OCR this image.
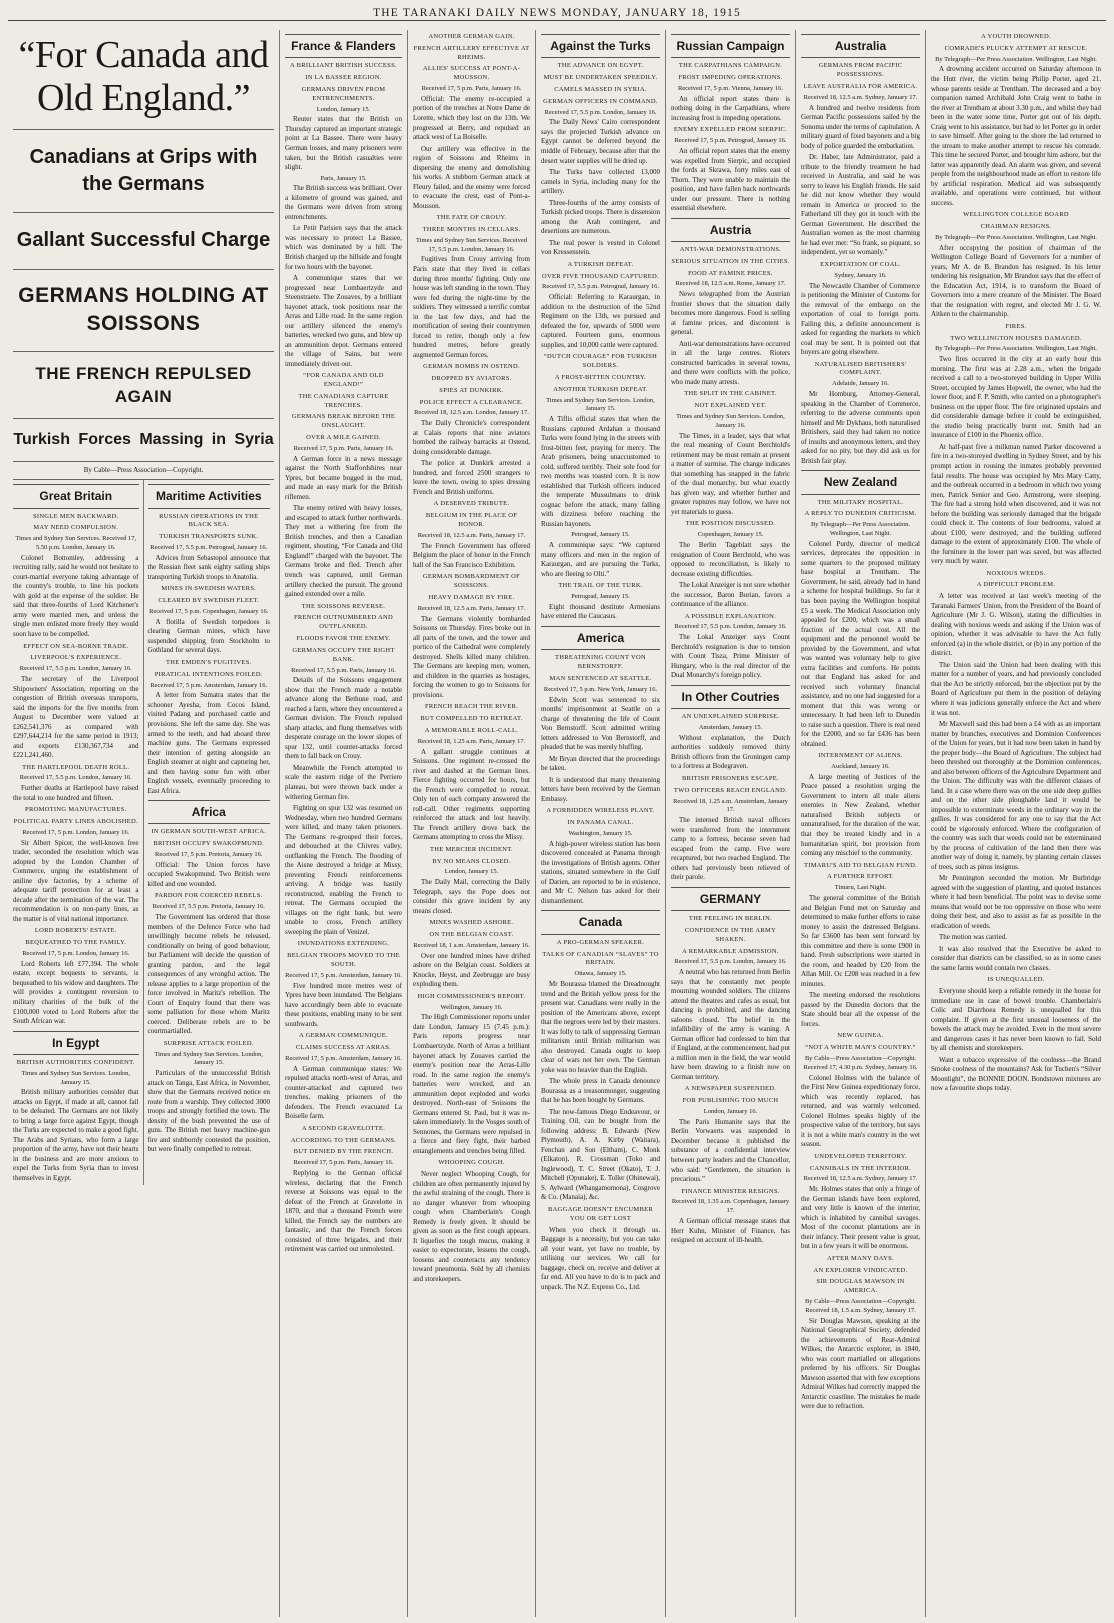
THE TARANAKI DAILY NEWS MONDAY, JANUARY 18, 1915
“For Canada and Old England.”
Canadians at Grips with the Germans
Gallant Successful Charge
GERMANS HOLDING AT SOISSONS
THE FRENCH REPULSED AGAIN
Turkish Forces Massing in Syria
By Cable—Press Association—Copyright.
Great Britain
SINGLE MEN BACKWARD.
MAY NEED COMPULSION.
Times and Sydney Sun Services. Received 17, 5.50 p.m. London, January 16.

Colonel Bottomley, addressing a recruiting rally, said he would not hesitate to court-martial everyone taking advantage of the country's trouble, to line his pockets with gold at the expense of the soldier. He said that three-fourths of Lord Kitchener's army were married men, and unless the single men enlisted more freely they would soon have to be compelled.

EFFECT ON SEA-BORNE TRADE.
LIVERPOOL'S EXPERIENCE.
Received 17, 5.5 p.m. London, January 16.

The secretary of the Liverpool Shipowners' Association, reporting on the congestion of British overseas transports, said the imports for the five months from August to December were valued at £262,541,376 as compared with £297,644,214 for the same period in 1913; and exports £130,367,734 and £221,241,460.

THE HARTLEPOOL DEATH ROLL.
Received 17, 5.5 p.m. London, January 16.

Further deaths at Hartlepool have raised the total to one hundred and fifteen.

PROMOTING MANUFACTURES.
POLITICAL PARTY LINES ABOLISHED.
Received 17, 5 p.m. London, January 16.

Sir Albert Spicer, the well-known free trader, seconded the resolution which was adopted by the London Chamber of Commerce, urging the establishment of aniline dye factories, by a scheme of adequate tariff protection for at least a decade after the termination of the war. The recommendation is on non-party lines, as the matter is of vital national importance.

LORD ROBERTS' ESTATE.
BEQUEATHED TO THE FAMILY.
Received 17, 5 p.m. London, January 16.

Lord Roberts left £77,394. The whole estate, except bequests to servants, is bequeathed to his widow and daughters. The will provides a contingent reversion to military charities of the bulk of the £100,000 voted to Lord Roberts after the South African war.

In Egypt
BRITISH AUTHORITIES CONFIDENT.
Times and Sydney Sun Services. London, January 15.

British military authorities consider that attacks on Egypt, if made at all, cannot fail to be defeated. The Germans are not likely to bring a large force against Egypt, though the Turks are expected to make a good fight. The Arabs and Syrians, who form a large proportion of the army, have not their hearts in the business and are more anxious to expel the Turks from Syria than to invest themselves in Egypt.

Maritime Activities
RUSSIAN OPERATIONS IN THE BLACK SEA.
TURKISH TRANSPORTS SUNK.
Received 17, 5.5 p.m. Petrograd, January 16.

Advices from Sebastopol announce that the Russian fleet sank eighty sailing ships transporting Turkish troops to Anatolia.

MINES IN SWEDISH WATERS.
CLEARED BY SWEDISH FLEET.
Received 17, 5 p.m. Copenhagen, January 16.

A flotilla of Swedish torpedoes is clearing German mines, which have suspended shipping from Stockholm to Gothland for several days.

THE EMDEN'S FUGITIVES.
PIRATICAL INTENTIONS FOILED.
Received 17, 5 p.m. Amsterdam, January 16.

A letter from Sumatra states that the schooner Ayesha, from Cocos Island, visited Padang and purchased cattle and provisions. She left the same day. She was armed to the teeth, and had aboard three machine guns. The Germans expressed their intention of getting alongside an English steamer at night and capturing her, and then having some fun with other English vessels, eventually proceeding to East Africa.

Africa
IN GERMAN SOUTH-WEST AFRICA.
BRITISH OCCUPY SWAKOPMUND.
Received 17, 5 p.m. Pretoria, January 16.

Official: The Union forces have occupied Swakopmund. Two British were killed and one wounded.

PARDON FOR COERCED REBELS.
Received 17, 5.5 p.m. Pretoria, January 16.

The Government has ordered that those members of the Defence Force who had unwillingly become rebels be released, conditionally on being of good behaviour, but Parliament will decide the question of granting pardon, and the legal consequences of any wrongful action. The release applies to a large proportion of the force involved in Maritz's rebellion. The Court of Enquiry found that there was some palliation for those whom Maritz coerced. Deliberate rebels are to be courtmartialled.

SURPRISE ATTACK FOILED.
Times and Sydney Sun Services. London, January 15.

Particulars of the unsuccessful British attack on Tanga, East Africa, in November, show that the Germans received notice en route from a warship. They collected 3000 troops and strongly fortified the town. The density of the bush prevented the use of guns. The British met heavy machine-gun fire and stubbornly contested the position, but were finally compelled to retreat.

France & Flanders
A BRILLIANT BRITISH SUCCESS.
IN LA BASSEE REGION.
GERMANS DRIVEN FROM ENTRENCHMENTS.
London, January 15.

Reuter states that the British on Thursday captured an important strategic point at La Bassee. There were heavy German losses, and many prisoners were taken, but the British casualties were slight.

Paris, January 15.

The British success was brilliant. Over a kilometre of ground was gained, and the Germans were driven from strong entrenchments.

Le Petit Parisien says that the attack was necessary to protect La Bassee, which was dominated by a hill. The British charged up the hillside and fought for two hours with the bayonet.

A communique states that we progressed near Lombaertzyde and Steenstraete. The Zouaves, by a brilliant bayonet attack, took positions near the Arras and Lille road. In the same region our artillery silenced the enemy's batteries, wrecked two guns, and blew up an ammunition depot. Germans entered the village of Sains, but were immediately driven out.

“FOR CANADA AND OLD ENGLAND!”
THE CANADIANS CAPTURE TRENCHES.
GERMANS BREAK BEFORE THE ONSLAUGHT.
OVER A MILE GAINED.
Received 17, 5 p.m. Paris, January 16.

A German force in a news message against the North Staffordshires near Ypres, but became bogged in the mud, and made an easy mark for the British riflemen.

The enemy retired with heavy losses, and escaped to attack further northwards. They met a withering fire from the British trenches, and then a Canadian regiment, shouting, “For Canada and Old England!” charged with the bayonet. The Germans broke and fled. Trench after trench was captured, until German artillery checked the pursuit. The ground gained extended over a mile.

THE SOISSONS REVERSE.
FRENCH OUTNUMBERED AND OUTFLANKED.
FLOODS FAVOR THE ENEMY.
GERMANS OCCUPY THE RIGHT BANK.
Received 17, 5.5 p.m. Paris, January 16.

Details of the Soissons engagement show that the French made a notable advance along the Bethune road, and reached a farm, where they encountered a German division. The French repulsed sharp attacks, and flung themselves with desperate courage on the lower slopes of spur 132, until counter-attacks forced them to fall back on Crouy.

Meanwhile the French attempted to scale the eastern ridge of the Perriere plateau, but were thrown back under a withering German fire.

Fighting on spur 132 was resumed on Wednesday, when two hundred Germans were killed, and many taken prisoners. The Germans re-grouped their forces, and debouched at the Chivres valley, outflanking the French. The flooding of the Aisne destroyed a bridge at Missy, preventing French reinforcements arriving. A bridge was hastily reconstructed, enabling the French to retreat. The Germans occupied the villages on the right bank, but were unable to cross, French artillery sweeping the plain of Venizel.

INUNDATIONS EXTENDING.
BELGIAN TROOPS MOVED TO THE SOUTH.
Received 17, 5 p.m. Amsterdam, January 16.

Five hundred more metres west of Ypres have been inundated. The Belgians have accordingly been able to evacuate these positions, enabling many to be sent southwards.

A GERMAN COMMUNIQUE.
CLAIMS SUCCESS AT ARRAS.
Received 17, 5 p.m. Amsterdam, January 16.

A German communique states: We repulsed attacks north-west of Arras, and counter-attacked and captured two trenches, making prisoners of the defenders. The French evacuated La Boiselle farm.

A SECOND GRAVELOTTE.
ACCORDING TO THE GERMANS.
BUT DENIED BY THE FRENCH.
Received 17, 5 p.m. Paris, January 16.

Replying to the German official wireless, declaring that the French reverse at Soissons was equal to the defeat of the French at Gravelotte in 1870, and that a thousand French were killed, the French say the numbers are fantastic, and that the French forces consisted of three brigades, and their retirement was carried out unmolested.

ANOTHER GERMAN GAIN.
FRENCH ARTILLERY EFFECTIVE AT RHEIMS.
ALLIES' SUCCESS AT PONT-A-MOUSSON.
Received 17, 5 p.m. Paris, January 16.

Official: The enemy re-occupied a portion of the trenches at Notre Dame de Lorette, which they lost on the 13th. We progressed at Berry, and repulsed an attack west of La Boiselle.

Our artillery was effective in the region of Soissons and Rheims in dispersing the enemy and demolishing his works. A stubborn German attack at Fleury failed, and the enemy were forced to evacuate the crest, east of Pont-a-Mousson.

THE FATE OF CROUY.
THREE MONTHS IN CELLARS.
Times and Sydney Sun Services. Received 17, 5.5 p.m. London, January 16.

Fugitives from Crouy arriving from Paris state that they lived in cellars during three months' fighting. Only one house was left standing in the town. They were fed during the night-time by the soldiers. They witnessed a terrific combat in the last few days, and had the mortification of seeing their countrymen forced to retire, though only a few hundred metres, before greatly augmented German forces.

GERMAN BOMBS IN OSTEND.
DROPPED BY AVIATORS.
SPIES AT DUNKIRK.
POLICE EFFECT A CLEARANCE.
Received 18, 12.5 a.m. London, January 17.

The Daily Chronicle's correspondent at Calais reports that nine aviators bombed the railway barracks at Ostend, doing considerable damage.

The police at Dunkirk arrested a hundred, and forced 2500 strangers to leave the town, owing to spies dressing French and British uniforms.

A DESERVED TRIBUTE.
BELGIUM IN THE PLACE OF HONOR.
Received 18, 12.5 a.m. Paris, January 17.

The French Government has offered Belgium the place of honor in the French hall of the San Francisco Exhibition.

GERMAN BOMBARDMENT OF SOISSONS.
HEAVY DAMAGE BY FIRE.
Received 18, 12.5 a.m. Paris, January 17.

The Germans violently bombarded Soissons on Thursday. Fires broke out in all parts of the town, and the tower and portico of the Cathedral were completely destroyed. Shells killed many children. The Germans are keeping men, women, and children in the quarries as hostages, forcing the women to go to Soissons for provisions.

FRENCH REACH THE RIVER.
BUT COMPELLED TO RETREAT.
A MEMORABLE ROLL-CALL.
Received 18, 1.25 a.m. Paris, January 17.

A gallant struggle continues at Soissons. One regiment re-crossed the river and dashed at the German lines. Fierce fighting occurred for hours, but the French were compelled to retreat. Only ten of each company answered the roll-call. Other regiments supporting reinforced the attack and lost heavily. The French artillery drove back the Germans attempting to cross the Missy.

THE MERCIER INCIDENT.
BY NO MEANS CLOSED.
London, January 15.

The Daily Mail, correcting the Daily Telegraph, says the Pope does not consider this grave incident by any means closed.

MINES WASHED ASHORE.
ON THE BELGIAN COAST.
Received 18, 1 a.m. Amsterdam, January 16.

Over one hundred mines have drifted ashore on the Belgian coast. Soldiers at Knocke, Heyst, and Zeebrugge are busy exploding them.

HIGH COMMISSIONER'S REPORT.
Wellington, January 16.

The High Commissioner reports under date London, January 15 (7.45 p.m.): Paris reports progress near Lombaertzyde. North of Arras a brilliant bayonet attack by Zouaves carried the enemy's position near the Arras-Lille road. In the same region the enemy's batteries were wrecked, and an ammunition depot exploded and works destroyed. North-east of Soissons the Germans entered St. Paul, but it was re-taken immediately. In the Vosges south of Sennones, the Germans were repulsed in a fierce and fiery fight, their barbed entanglements and trenches being filled.

WHOOPING COUGH.

Never neglect Whooping Cough, for children are often permanently injured by the awful straining of the cough. There is no danger whatever from whooping cough when Chamberlain's Cough Remedy is freely given. It should be given as soon as the first cough appears. It liquefies the tough mucus, making it easier to expectorate, lessens the cough, loosens and counteracts any tendency toward pneumonia. Sold by all chemists and storekeepers.

Against the Turks
THE ADVANCE ON EGYPT.
MUST BE UNDERTAKEN SPEEDILY.
CAMELS MASSED IN SYRIA.
GERMAN OFFICERS IN COMMAND.
Received 17, 5.5 p.m. London, January 16.

The Daily News' Cairo correspondent says the projected Turkish advance on Egypt cannot be deferred beyond the middle of February, because after that the desert water supplies will be dried up.

The Turks have collected 13,000 camels in Syria, including many for the artillery.

Three-fourths of the army consists of Turkish picked troops. There is dissension among the Arab contingent, and desertions are numerous.

The real power is vested in Colonel von Kressenstein.

A TURKISH DEFEAT.
OVER FIVE THOUSAND CAPTURED.
Received 17, 5.5 p.m. Petrograd, January 16.

Official: Referring to Karaurgan, in addition to the destruction of the 52nd Regiment on the 13th, we pursued and defeated the foe, upwards of 5000 were captured. Fourteen guns, enormous supplies, and 10,000 cattle were captured.

“DUTCH COURAGE” FOR TURKISH SOLDIERS.
A FROST-BITTEN COUNTRY.
ANOTHER TURKISH DEFEAT.
Times and Sydney Sun Services. London, January 15.

A Tiflis official states that when the Russians captured Ardahan a thousand Turks were found lying in the streets with frost-bitten feet, praying for mercy. The Arab prisoners, being unaccustomed to cold, suffered terribly. Their sole food for two months was toasted corn. It is now established that Turkish officers induced the temperate Mussulmans to drink cognac before the attack, many falling with dizziness before reaching the Russian bayonets.

Petrograd, January 15.

A communique says: “We captured many officers and men in the region of Karaurgan, and are pursuing the Turks, who are fleeing to Olti.”

THE TRAIL OF THE TURK.
Petrograd, January 15.

Eight thousand destitute Armenians have entered the Caucasus.

America
THREATENING COUNT VON BERNSTORFF.
MAN SENTENCED AT SEATTLE.
Received 17, 5 p.m. New York, January 16.

Edwin Scott was sentenced to six months' imprisonment at Seattle on a charge of threatening the life of Count Von Bernstorff. Scott admitted writing letters addressed to Von Bernstorff, and pleaded that he was merely bluffing.

Mr Bryan directed that the proceedings be taken.

It is understood that many threatening letters have been received by the German Embassy.

A FORBIDDEN WIRELESS PLANT.
IN PANAMA CANAL.
Washington, January 15.

A high-power wireless station has been discovered concealed at Panama through the investigations of British agents. Other stations, situated somewhere in the Gulf of Darien, are reported to be in existence, and Mr C. Nelson has asked for their dismantlement.

Canada
A PRO-GERMAN SPEAKER.
TALKS OF CANADIAN “SLAVES” TO BRITAIN.
Ottawa, January 15.

Mr Bourassa blamed the Dreadnought trend and the British yellow press for the present war. Canadians were really in the position of the Americans above, except that the negroes were led by their masters. It was folly to talk of suppressing German militarism until British militarism was also destroyed. Canada ought to keep clear of wars not her own. The German yoke was no heavier than the English.

The whole press in Canada denounce Bourassa as a treasonmonger, suggesting that he has been bought by Germans.

The now-famous Diego Endeavour, or Training Oil, can be bought from the following address: B. Edwards (New Plymouth), A. A. Kirby (Waitara), Fenchan and Son (Eltham), C. Monk (Elkaton), R. Crossman (Toko and Inglewood), T. C. Street (Okato), T. J. Mitchell (Opunake), E. Toller (Ohinewai), S. Aylward (Whangamomona), Cosgrove & Co. (Manaia), &c.

BAGGAGE DOESN'T ENCUMBER YOU OR GET LOST

When you check it through us. Baggage is a necessity, but you can take all your want, yet have no trouble, by utilising our services. We call for baggage, check on, receive and deliver at far end. All you have to do is to pack and unpack. The N.Z. Express Co., Ltd.

Russian Campaign
THE CARPATHIANS CAMPAIGN.
FROST IMPEDING OPERATIONS.
Received 17, 5 p.m. Vienna, January 16.

An official report states there is nothing doing in the Carpathians, where increasing frost is impeding operations.

ENEMY EXPELLED FROM SIERPIC.
Received 17, 5 p.m. Petrograd, January 16.

An official report states that the enemy was expelled from Sierpic, and occupied the fords at Skrawa, forty miles east of Thorn. They were unable to maintain the position, and have fallen back northwards under our pressure. There is nothing essential elsewhere.

Austria
ANTI-WAR DEMONSTRATIONS.
SERIOUS SITUATION IN THE CITIES.
FOOD AT FAMINE PRICES.
Received 18, 12.5 a.m. Rome, January 17.

News telegraphed from the Austrian frontier shows that the situation daily becomes more dangerous. Food is selling at famine prices, and discontent is general.

Anti-war demonstrations have occurred in all the large centres. Rioters constructed barricades in several towns, and there were conflicts with the police, who made many arrests.

THE SPLIT IN THE CABINET.
NOT EXPLAINED YET.
Times and Sydney Sun Services. London, January 16.

The Times, in a leader, says that what the real meaning of Count Berchtold's retirement may be must remain at present a matter of surmise. The change indicates that something has snapped in the fabric of the dual monarchy, but what exactly has given way, and whether further and greater ruptures may follow, we have not yet materials to guess.

THE POSITION DISCUSSED.
Copenhagen, January 15.

The Berlin Tageblatt says the resignation of Count Berchtold, who was opposed to reconciliation, is likely to decrease existing difficulties.

The Lokal Anzeiger is not sure whether the successor, Baron Burian, favors a continuance of the alliance.

A POSSIBLE EXPLANATION.
Received 17, 5.5 p.m. London, January 16.

The Lokal Anzeiger says Count Berchtold's resignation is due to tension with Count Tisza, Prime Minister of Hungary, who is the real director of the Dual Monarchy's foreign policy.

In Other Coutries
AN UNEXPLAINED SURPRISE.
Amsterdam, January 15.

Without explanation, the Dutch authorities suddenly removed thirty British officers from the Groningen camp to a fortress at Bodegraven.

BRITISH PRISONERS ESCAPE.
TWO OFFICERS REACH ENGLAND.
Received 18, 1.25 a.m. Amsterdam, January 17.

The interned British naval officers were transferred from the internment camp to a fortress, because seven had escaped from the camp. Five were recaptured, but two reached England. The others had previously been relieved of their parole.

GERMANY
THE FEELING IN BERLIN.
CONFIDENCE IN THE ARMY SHAKEN.
A REMARKABLE ADMISSION.
Received 17, 5.5 p.m. London, January 16.

A neutral who has returned from Berlin says that he constantly met people mourning wounded soldiers. The citizens attend the theatres and cafes as usual, but dancing is prohibited, and the dancing saloons closed. The belief in the infallibility of the army is waning. A German officer had confessed to him that if England, at the commencement, had put a million men in the field, the war would have been drawing to a finish now on German territory.

A NEWSPAPER SUSPENDED.
FOR PUBLISHING TOO MUCH
London, January 16.

The Paris Humanite says that the Berlin Vorwaerts was suspended in December because it published the substance of a confidential interview between party leaders and the Chancellor, who said: “Gentlemen, the situation is precarious.”

FINANCE MINISTER RESIGNS.
Received 18, 1.35 a.m. Copenhagen, January 17.

A German official message states that Herr Kuhn, Minister of Finance, has resigned on account of ill-health.

Australia
GERMANS FROM PACIFIC POSSESSIONS.
LEAVE AUSTRALIA FOR AMERICA.
Received 18, 12.5 a.m. Sydney, January 17.

A hundred and twelve residents from German Pacific possessions sailed by the Sonoma under the terms of capitulation. A military guard of fixed bayonets and a big body of police guarded the embarkation.

Dr. Haber, late Administrator, paid a tribute to the friendly treatment he had received in Australia, and said he was sorry to leave his English friends. He said he did not know whether they would remain in America or proceed to the Fatherland till they got in touch with the German Government. He described the Australian women as the most charming he had ever met: “So frank, so piquant, so independent, yet so womanly.”

EXPORTATION OF COAL.
Sydney, January 16.

The Newcastle Chamber of Commerce is petitioning the Minister of Customs for the removal of the embargo on the exportation of coal to foreign ports. Failing this, a definite announcement is asked for regarding the markets to which coal may be sent. It is pointed out that buyers are going elsewhere.

NATURALISED BRITISHERS' COMPLAINT.
Adelaide, January 16.

Mr Homburg, Attorney-General, speaking in the Chamber of Commerce, referring to the adverse comments upon himself and Mr Dykhaus, both naturalised Britishers, said they had taken no notice of insults and anonymous letters, and they asked for no pity, but they did ask us for British fair play.

New Zealand
THE MILITARY HOSPITAL.
A REPLY TO DUNEDIN CRITICISM.
By Telegraph—Per Press Association. Wellington, Last Night.

Colonel Purdy, director of medical services, deprecates the opposition in some quarters to the proposed military base hospital at Trentham. The Government, he said, already had in hand a scheme for hospital buildings. So far it has been paying the Wellington hospital £5 a week. The Medical Association only appealed for £200, which was a small fraction of the actual cost. All the equipment and the personnel would be provided by the Government, and what was wanted was voluntary help to give extra facilities and comforts. He points out that England has asked for and received such voluntary financial assistance, and no one had suggested for a moment that this was wrong or unnecessary. It had been left to Dunedin to raise such a question. There is real need for the £2000, and so far £436 has been obtained.

INTERNMENT OF ALIENS.
Auckland, January 16.

A large meeting of Justices of the Peace passed a resolution urging the Government to intern all male aliens enemies in New Zealand, whether naturalised British subjects or unnaturalised, for the duration of the war, that they be treated kindly and in a humanitarian spirit, but provision from coming any mischief to the community.

TIMARU'S AID TO BELGIAN FUND.
A FURTHER EFFORT.
Timaru, Last Night.

The general committee of the British and Belgian Fund met on Saturday and determined to make further efforts to raise money to assist the distressed Belgians. So far £3600 has been sent forward by this committee and there is some £900 in hand. Fresh subscriptions were started in the room, and headed by £20 from the Allan Mill. Oc £208 was reached in a few minutes.

The meeting endorsed the resolutions passed by the Dunedin doctors that the State should bear all the expense of the forces.

NEW GUINEA.
“NOT A WHITE MAN'S COUNTRY.”
By Cable—Press Association—Copyright. Received 17, 4.30 p.m. Sydney, January 16.

Colonel Holmes with the balance of the First New Guinea expeditionary force, which was recently replaced, has returned, and was warmly welcomed. Colonel Holmes speaks highly of the prospective value of the territory, but says it is not a white man's country in the wet season.

UNDEVELOPED TERRITORY.
CANNIBALS IN THE INTERIOR.
Received 18, 12.5 a.m. Sydney, January 17.

Mr. Holmes states that only a fringe of the German islands have been explored, and very little is known of the interior, which is inhabited by cannibal savages. Most of the coconut plantations are in their infancy. Their present value is great, but in a few years it will be enormous.

AFTER MANY DAYS.
AN EXPLORER VINDICATED.
SIR DOUGLAS MAWSON IN AMERICA.
By Cable—Press Association—Copyright. Received 18, 1.5 a.m. Sydney, January 17.

Sir Douglas Mawson, speaking at the National Geographical Society, defended the achievements of Rear-Admiral Wilkes, the Antarctic explorer, in 1840, who was court martialled on allegations preferred by his officers. Sir Douglas Mawson asserted that with few exceptions Admiral Wilkes had correctly mapped the Antarctic coastline. The mistakes he made were due to refraction.

A YOUTH DROWNED.
COMRADE'S PLUCKY ATTEMPT AT RESCUE.
By Telegraph—Per Press Association. Wellington, Last Night.

A drowning accident occurred on Saturday afternoon in the Hutt river, the victim being Philip Porter, aged 21, whose parents reside at Trentham. The deceased and a boy companion named Archibald John Craig went to bathe in the river at Trentham at about 3.30 p.m., and whilst they had been in the water some time, Porter got out of his depth. Craig went to his assistance, but had to let Porter go in order to save himself. After going to the shore the lad returned to the stream to make another attempt to rescue his comrade. This time he secured Porter, and brought him ashore, but the latter was apparently dead. An alarm was given, and several people from the neighbourhood made an effort to restore life by artificial respiration. Medical aid was subsequently available, and operations were continued, but without success.

WELLINGTON COLLEGE BOARD
CHAIRMAN RESIGNS.
By Telegraph—Per Press Association. Wellington, Last Night.

After occupying the position of chairman of the Wellington College Board of Governors for a number of years, Mr A. de B. Brandon has resigned. In his letter tendering his resignation, Mr Brandon says that the effect of the Education Act, 1914, is to transform the Board of Governors into a mere creature of the Minister. The Board that the resignation with regret, and elected Mr J. G. W. Aitken to the chairmanship.

FIRES.
TWO WELLINGTON HOUSES DAMAGED.
By Telegraph—Per Press Association. Wellington, Last Night.

Two fires occurred in the city at an early hour this morning. The first was at 2.28 a.m., when the brigade received a call to a two-storeyed building in Upper Willis Street, occupied by James Hopwell, the owner, who had the lower floor, and F. P. Smith, who carried on a photographer's business on the upper floor. The fire originated upstairs and did considerable damage before it could be extinguished, the studio being practically burnt out. Smith had an insurance of £100 in the Phoenix office.

At half-past five a milkman named Parker discovered a fire in a two-storeyed dwelling in Sydney Street, and by his prompt action in rousing the inmates probably prevented fatal results. The house was occupied by Mrs Mary Catty, and the outbreak occurred in a bedroom in which two young men, Patrick Senior and Geo. Armstrong, were sleeping. The fire had a strong hold when discovered, and it was not before the building was seriously damaged that the brigade could check it. The contents of four bedrooms, valued at about £100, were destroyed, and the building suffered damage to the extent of approximately £100. The whole of the furniture in the lower part was saved, but was affected very much by water.

NOXIOUS WEEDS.
A DIFFICULT PROBLEM.

A letter was received at last week's meeting of the Taranaki Farmers' Union, from the President of the Board of Agriculture (Mr J. G. Wilson), stating the difficulties in dealing with noxious weeds and asking if the Union was of opinion, whether it was advisable to have the Act fully enforced (a) in the whole district, or (b) in any portion of the district.

The Union said the Union had been dealing with this matter for a number of years, and had previously concluded that the Act be strictly enforced, but the objection put by the Board of Agriculture put them in the position of delaying where it was judicious generally enforce the Act and where it was not.

Mr Maxwell said this had been a £4 with as an important matter by branches, executives and Dominion Conferences of the Union for years, but it had now been taken in hand by the proper body—the Board of Agriculture. The subject had been threshed out thoroughly at the Dominion conferences, and also between officers of the Agriculture Department and the Union. The difficulty was with the different classes of land. In a case where there was on the one side deep gullies and on the other side ploughable land it would be impossible to exterminate weeds in the ordinary way in the gullies. It was considered for any one to say that the Act could be vigorously enforced. Where the configuration of the country was such that weeds could not be exterminated by the process of cultivation of the land then there was another way of doing it, namely, by planting certain classes of trees, such as pinus insignus.

Mr Pennington seconded the motion. Mr Burbridge agreed with the suggestion of planting, and quoted instances where it had been beneficial. The point was to devise some means that would not be too oppressive on those who were doing their best, and also to assist as far as possible in the eradication of weeds.

The motion was carried.

It was also resolved that the Executive be asked to consider that districts can be classified, so as in some cases the same farms would contain two classes.

IS UNEQUALLED.

Everyone should keep a reliable remedy in the house for immediate use in case of bowel trouble. Chamberlain's Colic and Diarrhoea Remedy is unequalled for this complaint. If given at the first unusual looseness of the bowels the attack may be avoided. Even in the most severe and dangerous cases it has never been known to fail. Sold by all chemists and storekeepers.

Want a tobacco expressive of the coolness—the Brand Smoke coolness of the mountains? Ask for Tuchen's “Silver Moonlight”, the BONNIE DOON. Bondstown mixtures are now a favourite shops today.
